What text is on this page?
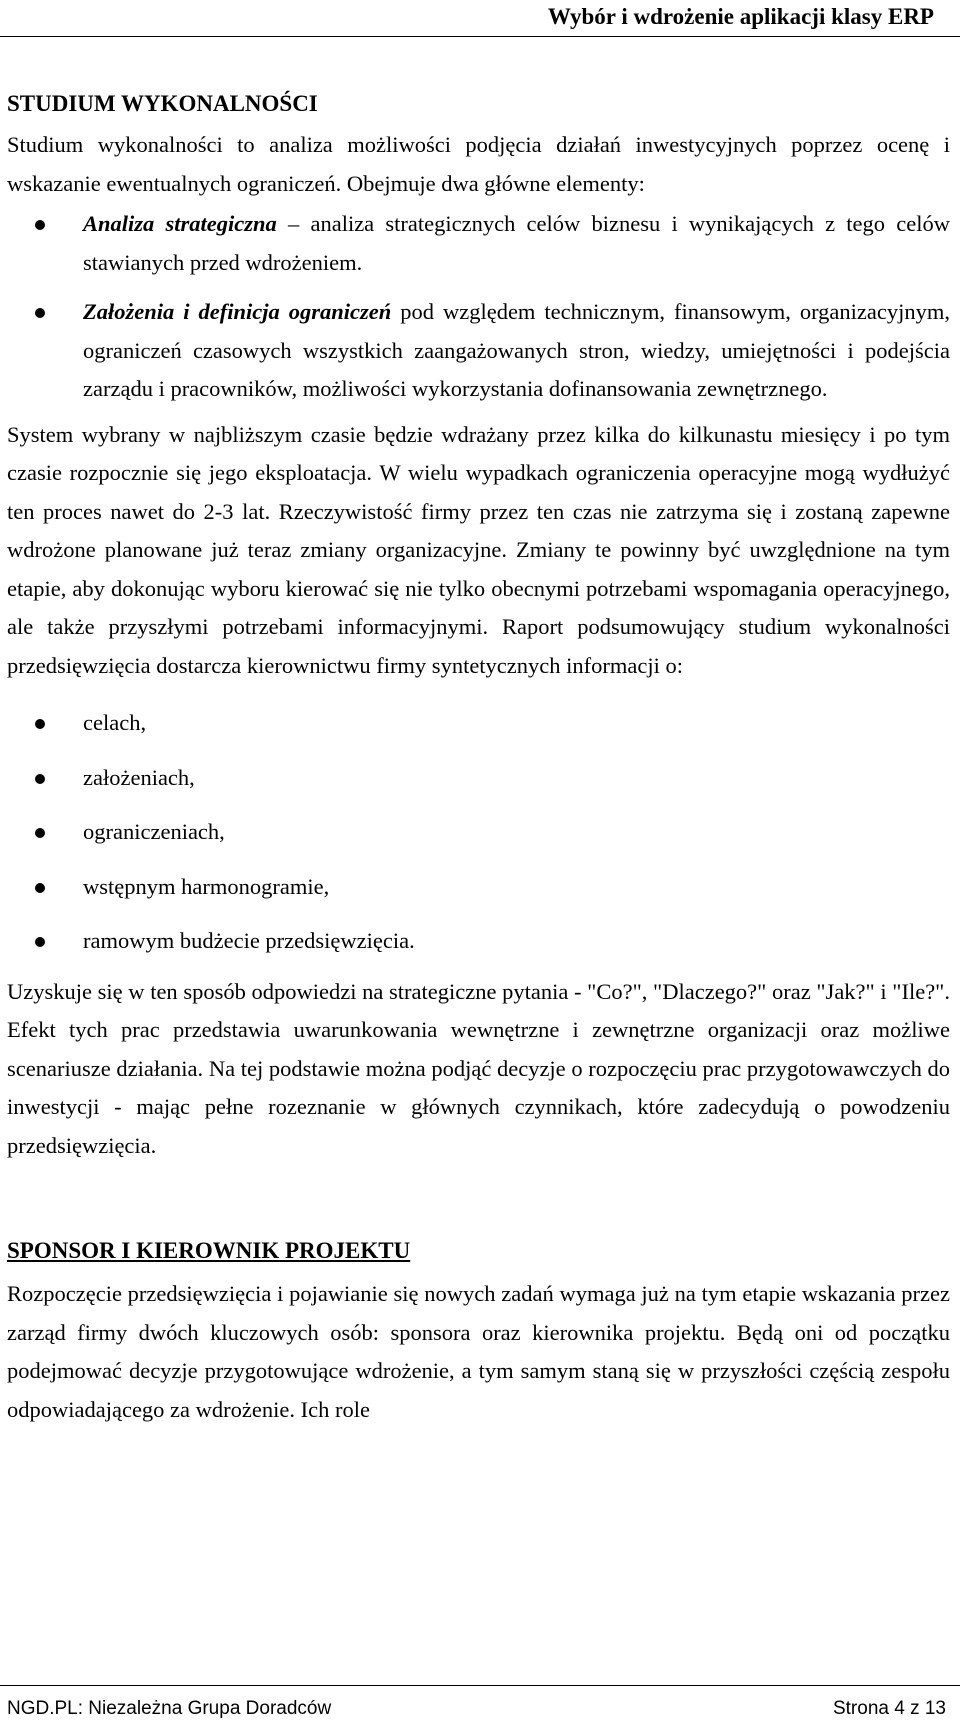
Wybór i wdrożenie aplikacji klasy ERP
STUDIUM WYKONALNOŚCI

Studium wykonalności to analiza możliwości podjęcia działań inwestycyjnych poprzez ocenę i wskazanie ewentualnych ograniczeń. Obejmuje dwa główne elementy:

Analiza strategiczna – analiza strategicznych celów biznesu i wynikających z tego celów stawianych przed wdrożeniem.
Założenia i definicja ograniczeń pod względem technicznym, finansowym, organizacyjnym, ograniczeń czasowych wszystkich zaangażowanych stron, wiedzy, umiejętności i podejścia zarządu i pracowników, możliwości wykorzystania dofinansowania zewnętrznego.

System wybrany w najbliższym czasie będzie wdrażany przez kilka do kilkunastu miesięcy i po tym czasie rozpocznie się jego eksploatacja. W wielu wypadkach ograniczenia operacyjne mogą wydłużyć ten proces nawet do 2-3 lat. Rzeczywistość firmy przez ten czas nie zatrzyma się i zostaną zapewne wdrożone planowane już teraz zmiany organizacyjne. Zmiany te powinny być uwzględnione na tym etapie, aby dokonując wyboru kierować się nie tylko obecnymi potrzebami wspomagania operacyjnego, ale także przyszłymi potrzebami informacyjnymi. Raport podsumowujący studium wykonalności przedsięwzięcia dostarcza kierownictwu firmy syntetycznych informacji o:

celach,
założeniach,
ograniczeniach,
wstępnym harmonogramie,
ramowym budżecie przedsięwzięcia.

Uzyskuje się w ten sposób odpowiedzi na strategiczne pytania - "Co?", "Dlaczego?" oraz "Jak?" i "Ile?". Efekt tych prac przedstawia uwarunkowania wewnętrzne i zewnętrzne organizacji oraz możliwe scenariusze działania. Na tej podstawie można podjąć decyzje o rozpoczęciu prac przygotowawczych do inwestycji - mając pełne rozeznanie w głównych czynnikach, które zadecydują o powodzeniu przedsięwzięcia.

SPONSOR I KIEROWNIK PROJEKTU

Rozpoczęcie przedsięwzięcia i pojawianie się nowych zadań wymaga już na tym etapie wskazania przez zarząd firmy dwóch kluczowych osób: sponsora oraz kierownika projektu. Będą oni od początku podejmować decyzje przygotowujące wdrożenie, a tym samym staną się w przyszłości częścią zespołu odpowiadającego za wdrożenie. Ich role

NGD.PL: Niezależna Grupa Doradców	Strona 4 z 13
